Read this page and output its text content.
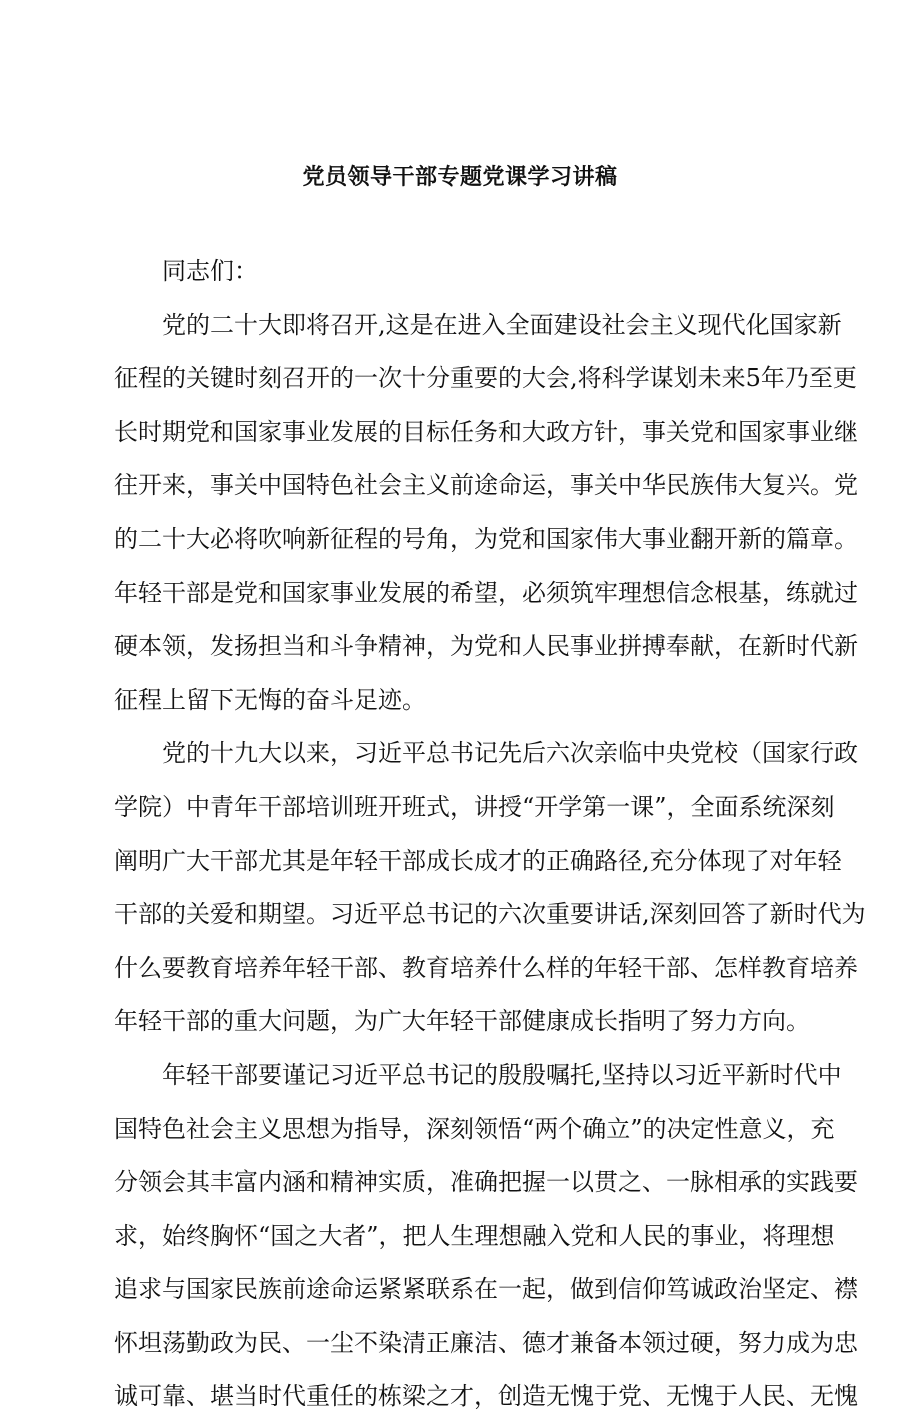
党员领导干部专题党课学习讲稿
同志们：
党的二十大即将召开,这是在进入全面建设社会主义现代化国家新
征程的关键时刻召开的一次十分重要的大会,将科学谋划未来5年乃至更
长时期党和国家事业发展的目标任务和大政方针，事关党和国家事业继
往开来，事关中国特色社会主义前途命运，事关中华民族伟大复兴。党
的二十大必将吹响新征程的号角，为党和国家伟大事业翻开新的篇章。
年轻干部是党和国家事业发展的希望，必须筑牢理想信念根基，练就过
硬本领，发扬担当和斗争精神，为党和人民事业拼搏奉献，在新时代新
征程上留下无悔的奋斗足迹。
党的十九大以来，习近平总书记先后六次亲临中央党校（国家行政
学院）中青年干部培训班开班式，讲授“开学第一课”，全面系统深刻
阐明广大干部尤其是年轻干部成长成才的正确路径,充分体现了对年轻
干部的关爱和期望。习近平总书记的六次重要讲话,深刻回答了新时代为
什么要教育培养年轻干部、教育培养什么样的年轻干部、怎样教育培养
年轻干部的重大问题，为广大年轻干部健康成长指明了努力方向。
年轻干部要谨记习近平总书记的殷殷嘱托,坚持以习近平新时代中
国特色社会主义思想为指导，深刻领悟“两个确立”的决定性意义，充
分领会其丰富内涵和精神实质，准确把握一以贯之、一脉相承的实践要
求，始终胸怀“国之大者”，把人生理想融入党和人民的事业，将理想
追求与国家民族前途命运紧紧联系在一起，做到信仰笃诚政治坚定、襟
怀坦荡勤政为民、一尘不染清正廉洁、德才兼备本领过硬，努力成为忠
诚可靠、堪当时代重任的栋梁之才，创造无愧于党、无愧于人民、无愧
